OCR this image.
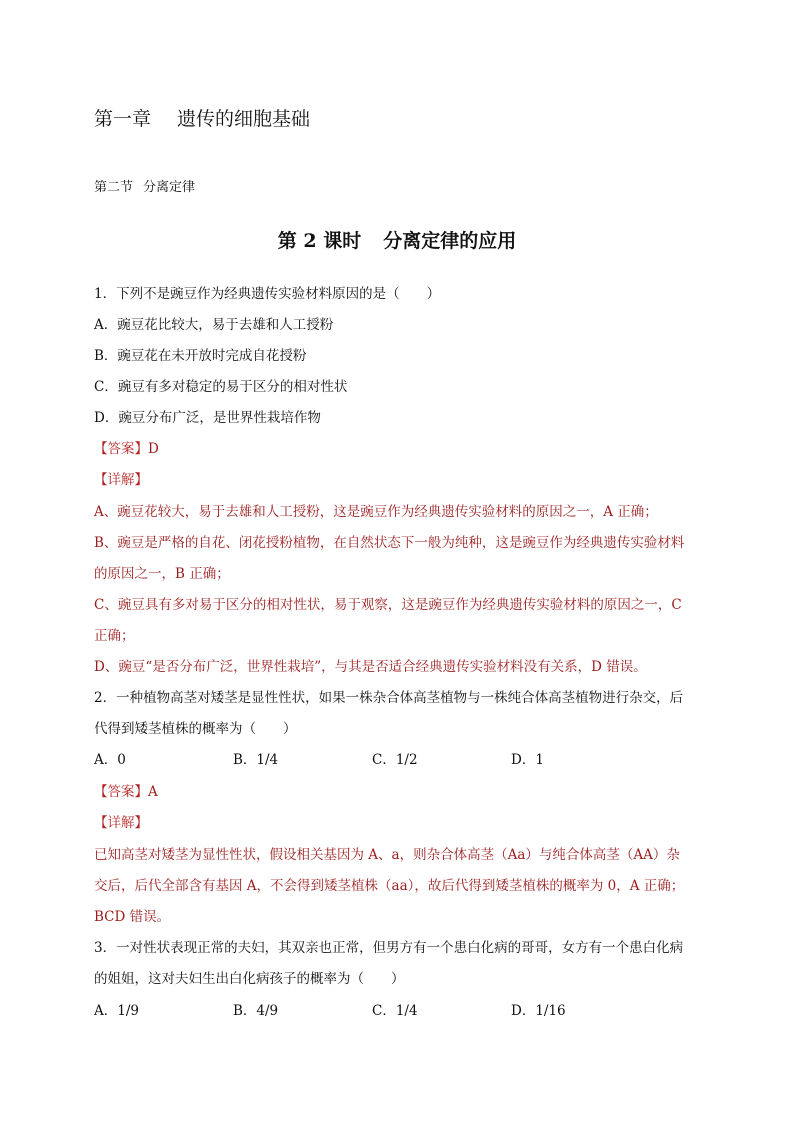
第一章 遗传的细胞基础
第二节 分离定律
第 2 课时 分离定律的应用
1．下列不是豌豆作为经典遗传实验材料原因的是（　　）
A．豌豆花比较大，易于去雄和人工授粉
B．豌豆花在未开放时完成自花授粉
C．豌豆有多对稳定的易于区分的相对性状
D．豌豆分布广泛，是世界性栽培作物
【答案】D
【详解】
A、豌豆花较大，易于去雄和人工授粉，这是豌豆作为经典遗传实验材料的原因之一，A 正确；
B、豌豆是严格的自花、闭花授粉植物，在自然状态下一般为纯种，这是豌豆作为经典遗传实验材料
的原因之一，B 正确；
C、豌豆具有多对易于区分的相对性状，易于观察，这是豌豆作为经典遗传实验材料的原因之一，C
正确；
D、豌豆“是否分布广泛，世界性栽培”，与其是否适合经典遗传实验材料没有关系，D 错误。
2．一种植物高茎对矮茎是显性性状，如果一株杂合体高茎植物与一株纯合体高茎植物进行杂交，后
代得到矮茎植株的概率为（　　）
A．0	B．1/4	C．1/2	D．1
【答案】A
【详解】
已知高茎对矮茎为显性性状，假设相关基因为 A、a，则杂合体高茎（Aa）与纯合体高茎（AA）杂
交后，后代全部含有基因 A，不会得到矮茎植株（aa），故后代得到矮茎植株的概率为 0，A 正确；
BCD 错误。
3．一对性状表现正常的夫妇，其双亲也正常，但男方有一个患白化病的哥哥，女方有一个患白化病
的姐姐，这对夫妇生出白化病孩子的概率为（　　）
A．1/9	B．4/9	C．1/4	D．1/16
